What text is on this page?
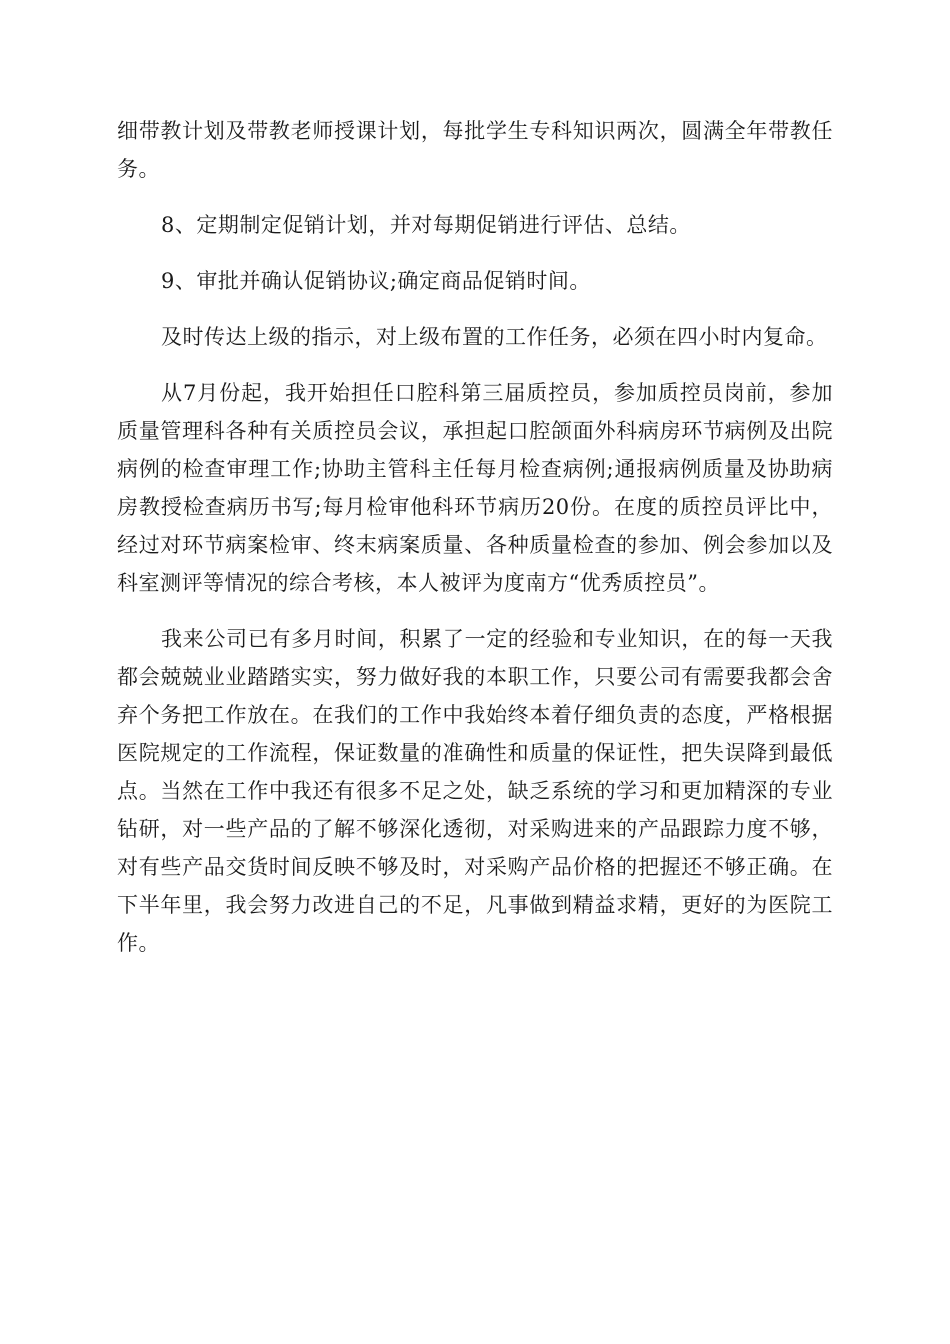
细带教计划及带教老师授课计划，每批学生专科知识两次，圆满全年带教任务。

8、定期制定促销计划，并对每期促销进行评估、总结。

9、审批并确认促销协议;确定商品促销时间。

及时传达上级的指示，对上级布置的工作任务，必须在四小时内复命。

从7月份起，我开始担任口腔科第三届质控员，参加质控员岗前，参加质量管理科各种有关质控员会议，承担起口腔颌面外科病房环节病例及出院病例的检查审理工作;协助主管科主任每月检查病例;通报病例质量及协助病房教授检查病历书写;每月检审他科环节病历20份。在度的质控员评比中，经过对环节病案检审、终末病案质量、各种质量检查的参加、例会参加以及科室测评等情况的综合考核，本人被评为度南方“优秀质控员”。

我来公司已有多月时间，积累了一定的经验和专业知识，在的每一天我都会兢兢业业踏踏实实，努力做好我的本职工作，只要公司有需要我都会舍弃个务把工作放在。在我们的工作中我始终本着仔细负责的态度，严格根据医院规定的工作流程，保证数量的准确性和质量的保证性，把失误降到最低点。当然在工作中我还有很多不足之处，缺乏系统的学习和更加精深的专业钻研，对一些产品的了解不够深化透彻，对采购进来的产品跟踪力度不够，对有些产品交货时间反映不够及时，对采购产品价格的把握还不够正确。在下半年里，我会努力改进自己的不足，凡事做到精益求精，更好的为医院工作。
